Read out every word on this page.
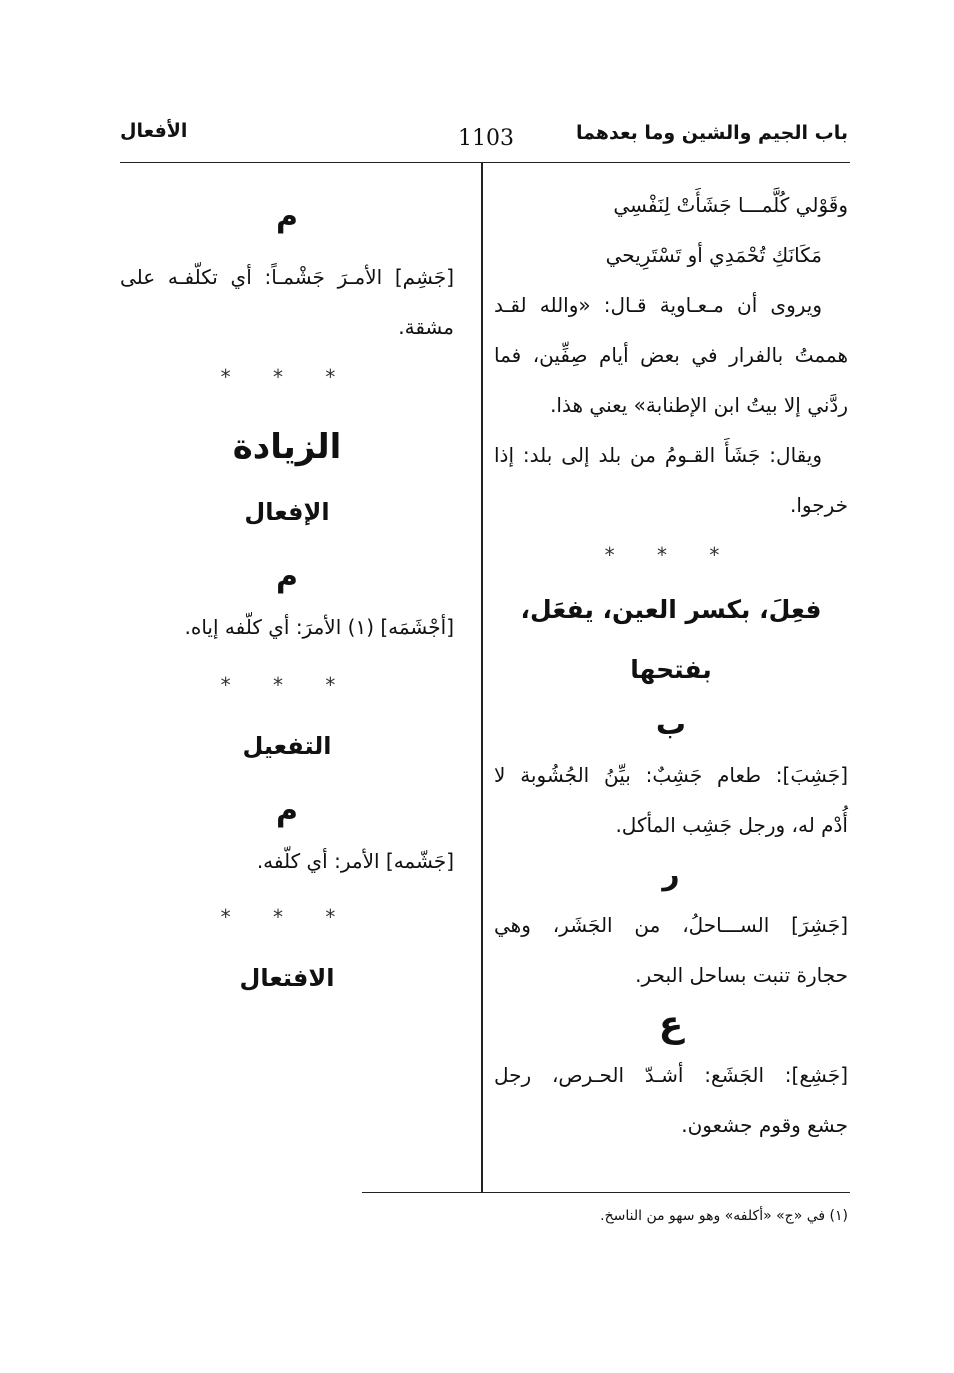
باب الجيم والشين وما بعدهما
1103
الأفعال
وقَوْلي كُلَّمـــا جَشَأَتْ لِنَفْسِي
مَكَانَكِ تُحْمَدِي أو تَسْتَرِيحي
ويروى أن مـعـاوية قـال: «والله لقـد
هممتُ بالفرار في بعض أيام صِفِّين، فما
ردَّني إلا بيتُ ابن الإطنابة» يعني هذا.
ويقال: جَشَأَ القـومُ من بلد إلى بلد: إذا
خرجوا.
* * *
فعِلَ، بكسر العين، يفعَل، بفتحها
ب
[جَشِبَ]: طعام جَشِبٌ: بيِّنُ الجُشُوبة لا
أُدْم له، ورجل جَشِب المأكل.
ر
[جَشِرَ] الســـاحلُ، من الجَشَر، وهي
حجارة تنبت بساحل البحر.
ع
[جَشِع]: الجَشَع: أشـدّ الحـرص، رجل
جشع وقوم جشعون.
م
[جَشِم] الأمـرَ جَشْمـاً: أي تكلّفـه على
مشقة.
* * *
الزيادة
الإفعال
م
[أجْشَمَه] (١) الأمرَ: أي كلّفه إياه.
* * *
التفعيل
م
[جَشّمه] الأمر: أي كلّفه.
* * *
الافتعال
(١) في «ج» «أكلفه» وهو سهو من الناسخ.
